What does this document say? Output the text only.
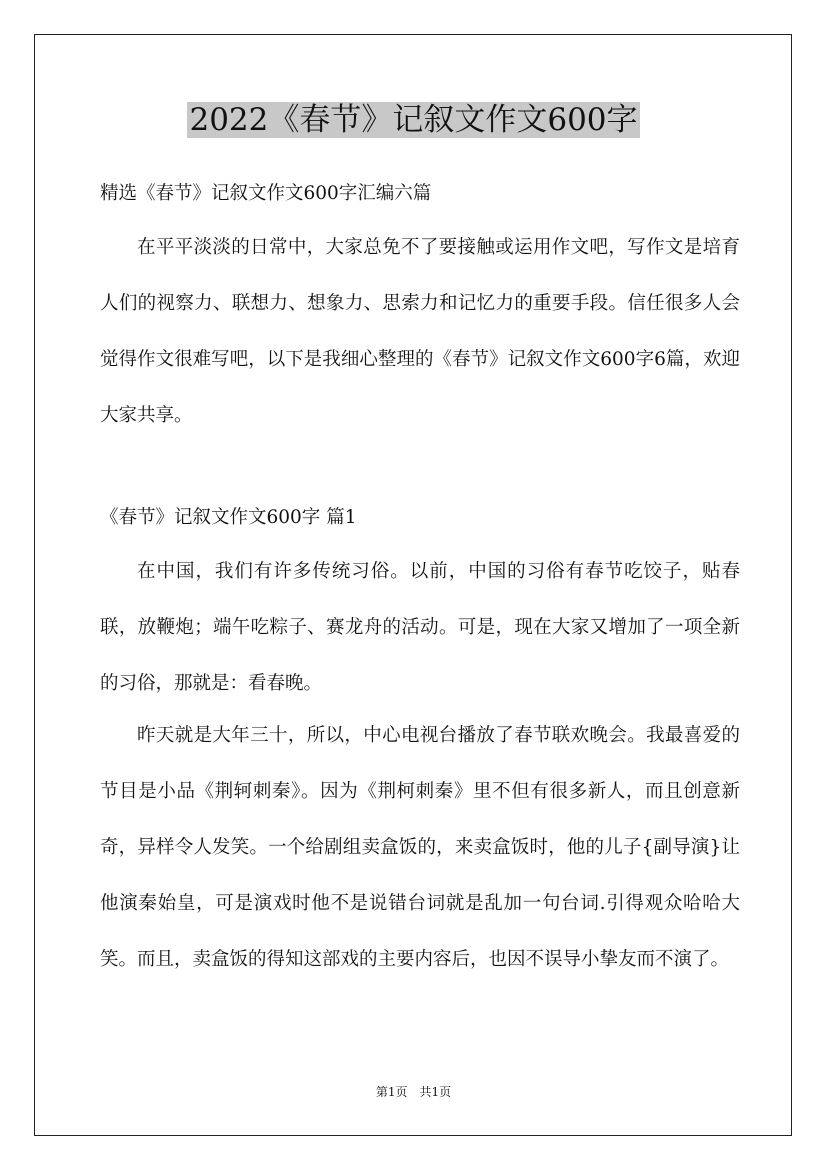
2022《春节》记叙文作文600字

精选《春节》记叙文作文600字汇编六篇

在平平淡淡的日常中，大家总免不了要接触或运用作文吧，写作文是培育人们的视察力、联想力、想象力、思索力和记忆力的重要手段。信任很多人会觉得作文很难写吧，以下是我细心整理的《春节》记叙文作文600字6篇，欢迎大家共享。

《春节》记叙文作文600字 篇1

在中国，我们有许多传统习俗。以前，中国的习俗有春节吃饺子，贴春联，放鞭炮；端午吃粽子、赛龙舟的活动。可是，现在大家又增加了一项全新的习俗，那就是：看春晚。

昨天就是大年三十，所以，中心电视台播放了春节联欢晚会。我最喜爱的节目是小品《荆轲刺秦》。因为《荆柯刺秦》里不但有很多新人，而且创意新奇，异样令人发笑。一个给剧组卖盒饭的，来卖盒饭时，他的儿子{副导演}让他演秦始皇，可是演戏时他不是说错台词就是乱加一句台词.引得观众哈哈大笑。而且，卖盒饭的得知这部戏的主要内容后，也因不误导小挚友而不演了。

第1页　共1页
